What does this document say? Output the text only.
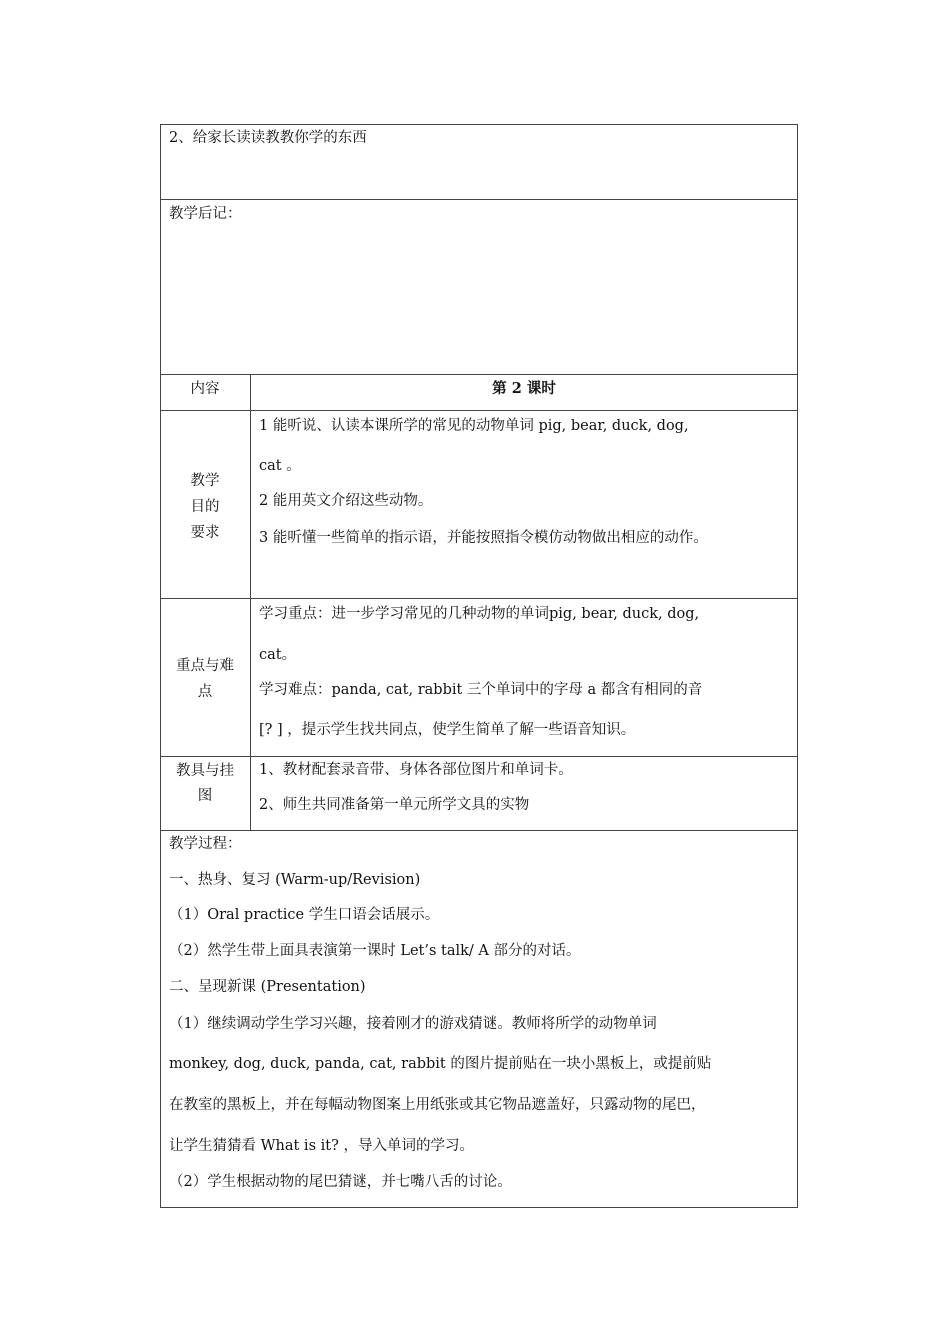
2、给家长读读教教你学的东西
教学后记：
内容	第 2 课时
教学
目的
要求
1 能听说、认读本课所学的常见的动物单词 pig, bear, duck, dog,
cat 。
2 能用英文介绍这些动物。
3 能听懂一些简单的指示语，并能按照指令模仿动物做出相应的动作。
重点与难
点
学习重点：进一步学习常见的几种动物的单词pig, bear, duck, dog,
cat。
学习难点：panda, cat, rabbit 三个单词中的字母 a 都含有相同的音
[? ] ，提示学生找共同点，使学生简单了解一些语音知识。
教具与挂
图
1、教材配套录音带、身体各部位图片和单词卡。
2、师生共同准备第一单元所学文具的实物
教学过程：
一、热身、复习 (Warm-up/Revision)
（1）Oral practice 学生口语会话展示。
（2）然学生带上面具表演第一课时 Let’s talk/ A 部分的对话。
二、呈现新课 (Presentation)
（1）继续调动学生学习兴趣，接着刚才的游戏猜谜。教师将所学的动物单词
monkey, dog, duck, panda, cat, rabbit 的图片提前贴在一块小黑板上，或提前贴
在教室的黑板上，并在每幅动物图案上用纸张或其它物品遮盖好，只露动物的尾巴，
让学生猜猜看 What is it? ，导入单词的学习。
（2）学生根据动物的尾巴猜谜，并七嘴八舌的讨论。
